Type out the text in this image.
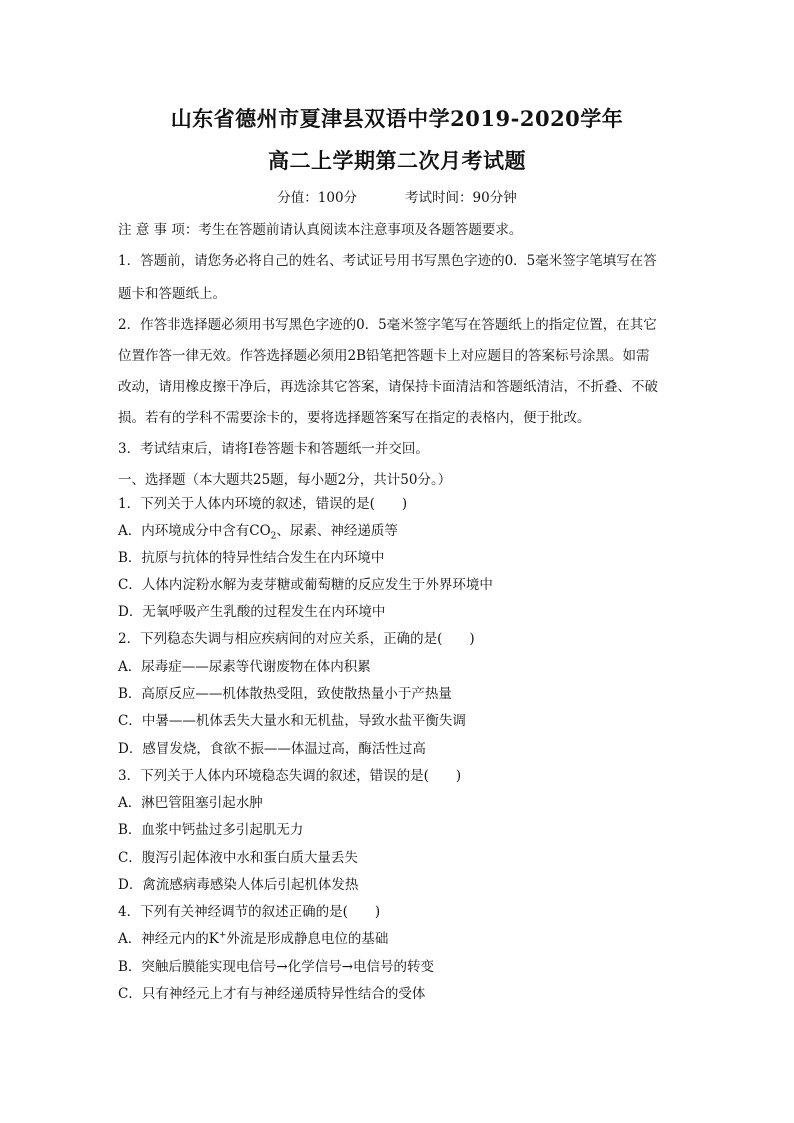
山东省德州市夏津县双语中学2019-2020学年
高二上学期第二次月考试题
分值：100分	考试时间：90分钟
注 意 事 项：考生在答题前请认真阅读本注意事项及各题答题要求。
1．答题前，请您务必将自己的姓名、考试证号用书写黑色字迹的0．5毫米签字笔填写在答
题卡和答题纸上。
2．作答非选择题必须用书写黑色字迹的0．5毫米签字笔写在答题纸上的指定位置，在其它
位置作答一律无效。作答选择题必须用2B铅笔把答题卡上对应题目的答案标号涂黑。如需
改动，请用橡皮擦干净后，再选涂其它答案，请保持卡面清洁和答题纸清洁，不折叠、不破
损。若有的学科不需要涂卡的，要将选择题答案写在指定的表格内，便于批改。
3．考试结束后，请将Ⅰ卷答题卡和答题纸一并交回。
一、选择题（本大题共25题，每小题2分，共计50分。）
1．下列关于人体内环境的叙述，错误的是(　　)
A．内环境成分中含有$CO_2$、尿素、神经递质等
B．抗原与抗体的特异性结合发生在内环境中
C．人体内淀粉水解为麦芽糖或葡萄糖的反应发生于外界环境中
D．无氧呼吸产生乳酸的过程发生在内环境中
2．下列稳态失调与相应疾病间的对应关系，正确的是(　　)
A．尿毒症——尿素等代谢废物在体内积累
B．高原反应——机体散热受阻，致使散热量小于产热量
C．中暑——机体丢失大量水和无机盐，导致水盐平衡失调
D．感冒发烧，食欲不振——体温过高，酶活性过高
3．下列关于人体内环境稳态失调的叙述，错误的是(　　)
A．淋巴管阻塞引起水肿
B．血浆中钙盐过多引起肌无力
C．腹泻引起体液中水和蛋白质大量丢失
D．禽流感病毒感染人体后引起机体发热
4．下列有关神经调节的叙述正确的是(　　)
A．神经元内的K+外流是形成静息电位的基础
B．突触后膜能实现电信号→化学信号→电信号的转变
C．只有神经元上才有与神经递质特异性结合的受体
